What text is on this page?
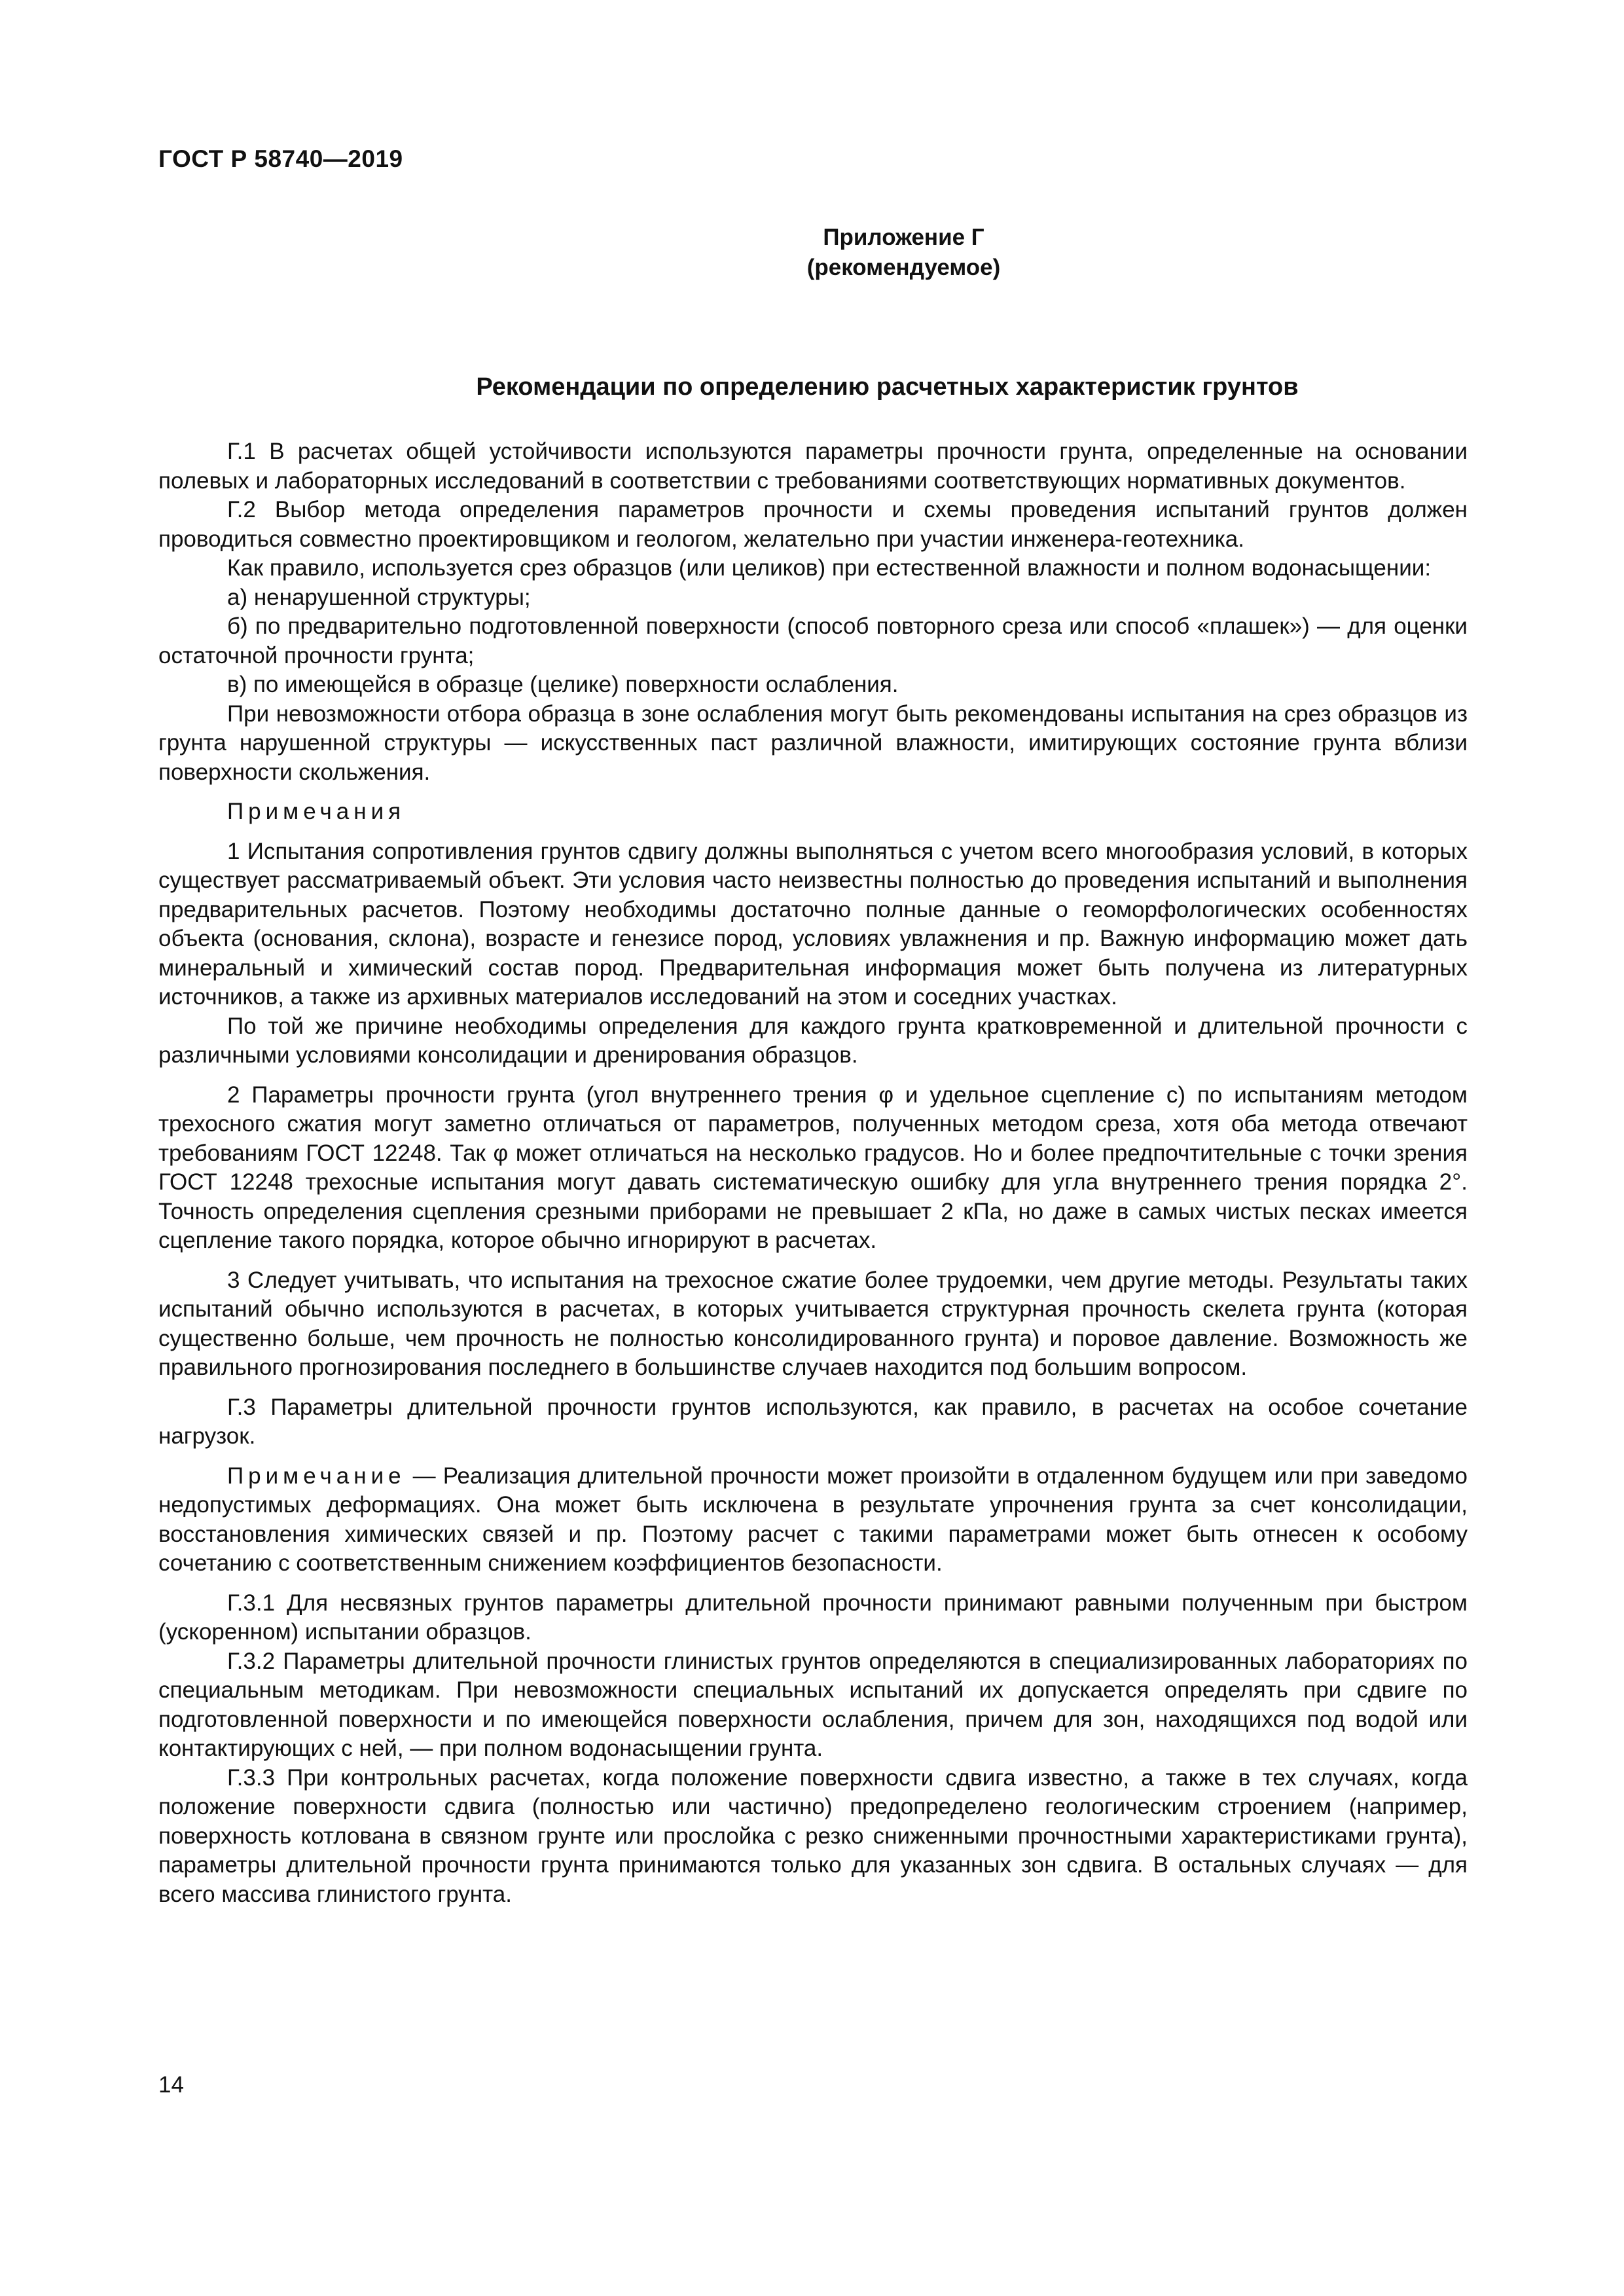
ГОСТ Р 58740—2019
Приложение Г
(рекомендуемое)
Рекомендации по определению расчетных характеристик грунтов

Г.1 В расчетах общей устойчивости используются параметры прочности грунта, определенные на основании полевых и лабораторных исследований в соответствии с требованиями соответствующих нормативных документов.

Г.2 Выбор метода определения параметров прочности и схемы проведения испытаний грунтов должен проводиться совместно проектировщиком и геологом, желательно при участии инженера-геотехника.

Как правило, используется срез образцов (или целиков) при естественной влажности и полном водонасыщении:

а) ненарушенной структуры;

б) по предварительно подготовленной поверхности (способ повторного среза или способ «плашек») — для оценки остаточной прочности грунта;

в) по имеющейся в образце (целике) поверхности ослабления.

При невозможности отбора образца в зоне ослабления могут быть рекомендованы испытания на срез образцов из грунта нарушенной структуры — искусственных паст различной влажности, имитирующих состояние грунта вблизи поверхности скольжения.

Примечания

1 Испытания сопротивления грунтов сдвигу должны выполняться с учетом всего многообразия условий, в которых существует рассматриваемый объект. Эти условия часто неизвестны полностью до проведения испытаний и выполнения предварительных расчетов. Поэтому необходимы достаточно полные данные о геоморфологических особенностях объекта (основания, склона), возрасте и генезисе пород, условиях увлажнения и пр. Важную информацию может дать минеральный и химический состав пород. Предварительная информация может быть получена из литературных источников, а также из архивных материалов исследований на этом и соседних участках.

По той же причине необходимы определения для каждого грунта кратковременной и длительной прочности с различными условиями консолидации и дренирования образцов.

2 Параметры прочности грунта (угол внутреннего трения φ и удельное сцепление с) по испытаниям методом трехосного сжатия могут заметно отличаться от параметров, полученных методом среза, хотя оба метода отвечают требованиям ГОСТ 12248. Так φ может отличаться на несколько градусов. Но и более предпочтительные с точки зрения ГОСТ 12248 трехосные испытания могут давать систематическую ошибку для угла внутреннего трения порядка 2°. Точность определения сцепления срезными приборами не превышает 2 кПа, но даже в самых чистых песках имеется сцепление такого порядка, которое обычно игнорируют в расчетах.

3 Следует учитывать, что испытания на трехосное сжатие более трудоемки, чем другие методы. Результаты таких испытаний обычно используются в расчетах, в которых учитывается структурная прочность скелета грунта (которая существенно больше, чем прочность не полностью консолидированного грунта) и поровое давление. Возможность же правильного прогнозирования последнего в большинстве случаев находится под большим вопросом.

Г.3 Параметры длительной прочности грунтов используются, как правило, в расчетах на особое сочетание нагрузок.

Примечание — Реализация длительной прочности может произойти в отдаленном будущем или при заведомо недопустимых деформациях. Она может быть исключена в результате упрочнения грунта за счет консолидации, восстановления химических связей и пр. Поэтому расчет с такими параметрами может быть отнесен к особому сочетанию с соответственным снижением коэффициентов безопасности.

Г.3.1 Для несвязных грунтов параметры длительной прочности принимают равными полученным при быстром (ускоренном) испытании образцов.

Г.3.2 Параметры длительной прочности глинистых грунтов определяются в специализированных лабораториях по специальным методикам. При невозможности специальных испытаний их допускается определять при сдвиге по подготовленной поверхности и по имеющейся поверхности ослабления, причем для зон, находящихся под водой или контактирующих с ней, — при полном водонасыщении грунта.

Г.3.3 При контрольных расчетах, когда положение поверхности сдвига известно, а также в тех случаях, когда положение поверхности сдвига (полностью или частично) предопределено геологическим строением (например, поверхность котлована в связном грунте или прослойка с резко сниженными прочностными характеристиками грунта), параметры длительной прочности грунта принимаются только для указанных зон сдвига. В остальных случаях — для всего массива глинистого грунта.

14
